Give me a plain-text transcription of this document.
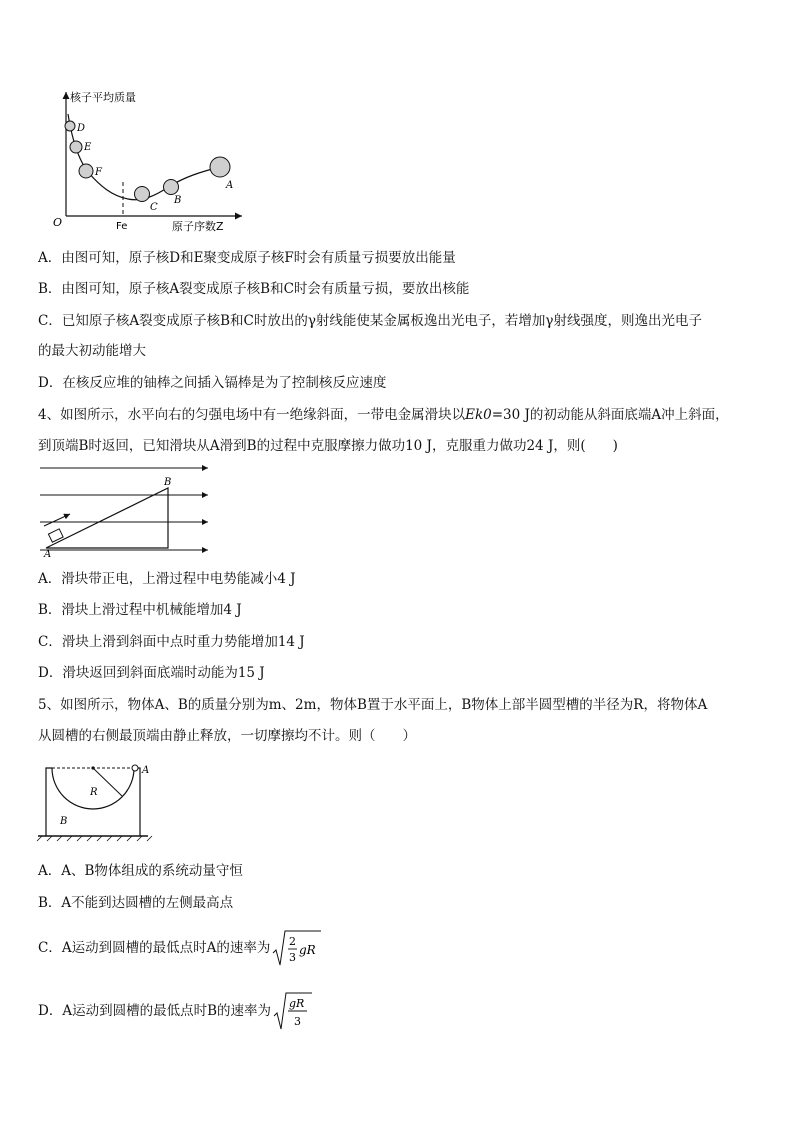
核子平均质量
原子序数Z
O	Fe
D
E
F
C
B
A
A．由图可知，原子核D和E聚变成原子核F时会有质量亏损要放出能量
B．由图可知，原子核A裂变成原子核B和C时会有质量亏损，要放出核能
C．已知原子核A裂变成原子核B和C时放出的γ射线能使某金属板逸出光电子，若增加γ射线强度，则逸出光电子
的最大初动能增大
D．在核反应堆的铀棒之间插入镉棒是为了控制核反应速度
4、如图所示，水平向右的匀强电场中有一绝缘斜面，一带电金属滑块以Ek0=30 J的初动能从斜面底端A冲上斜面，
到顶端B时返回，已知滑块从A滑到B的过程中克服摩擦力做功10 J，克服重力做功24 J，则(　　)
A
B
A．滑块带正电，上滑过程中电势能减小4 J
B．滑块上滑过程中机械能增加4 J
C．滑块上滑到斜面中点时重力势能增加14 J
D．滑块返回到斜面底端时动能为15 J
5、如图所示，物体A、B的质量分别为m、2m，物体B置于水平面上，B物体上部半圆型槽的半径为R，将物体A
从圆槽的右侧最顶端由静止释放，一切摩擦均不计。则（　　）
A
R
B
A．A、B物体组成的系统动量守恒
B．A不能到达圆槽的左侧最高点
C．A运动到圆槽的最低点时A的速率为 2
3
gR
D．A运动到圆槽的最低点时B的速率为 gR
3
